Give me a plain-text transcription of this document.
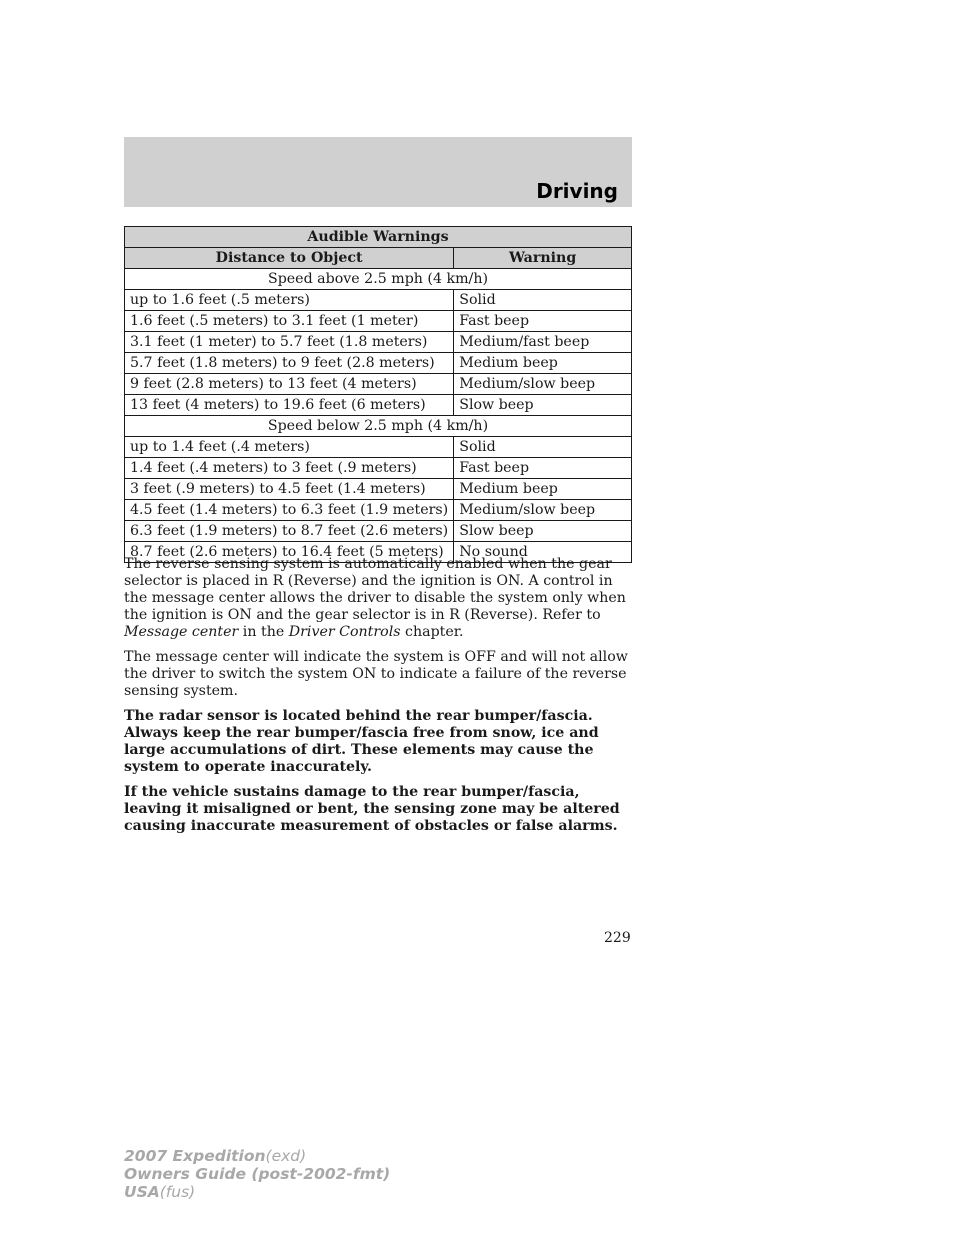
Driving
Audible Warnings	
Distance to Object	Warning
Speed above 2.5 mph (4 km/h)	
up to 1.6 feet (.5 meters)	Solid
1.6 feet (.5 meters) to 3.1 feet (1 meter)	Fast beep
3.1 feet (1 meter) to 5.7 feet (1.8 meters)	Medium/fast beep
5.7 feet (1.8 meters) to 9 feet (2.8 meters)	Medium beep
9 feet (2.8 meters) to 13 feet (4 meters)	Medium/slow beep
13 feet (4 meters) to 19.6 feet (6 meters)	Slow beep
Speed below 2.5 mph (4 km/h)	
up to 1.4 feet (.4 meters)	Solid
1.4 feet (.4 meters) to 3 feet (.9 meters)	Fast beep
3 feet (.9 meters) to 4.5 feet (1.4 meters)	Medium beep
4.5 feet (1.4 meters) to 6.3 feet (1.9 meters)	Medium/slow beep
6.3 feet (1.9 meters) to 8.7 feet (2.6 meters)	Slow beep
8.7 feet (2.6 meters) to 16.4 feet (5 meters)	No sound

The reverse sensing system is automatically enabled when the gear selector is placed in R (Reverse) and the ignition is ON. A control in the message center allows the driver to disable the system only when the ignition is ON and the gear selector is in R (Reverse). Refer to Message center in the Driver Controls chapter.

The message center will indicate the system is OFF and will not allow the driver to switch the system ON to indicate a failure of the reverse sensing system.

The radar sensor is located behind the rear bumper/fascia. Always keep the rear bumper/fascia free from snow, ice and large accumulations of dirt. These elements may cause the system to operate inaccurately.

If the vehicle sustains damage to the rear bumper/fascia, leaving it misaligned or bent, the sensing zone may be altered causing inaccurate measurement of obstacles or false alarms.

229
2007 Expedition(exd)
Owners Guide (post-2002-fmt)
USA(fus)
